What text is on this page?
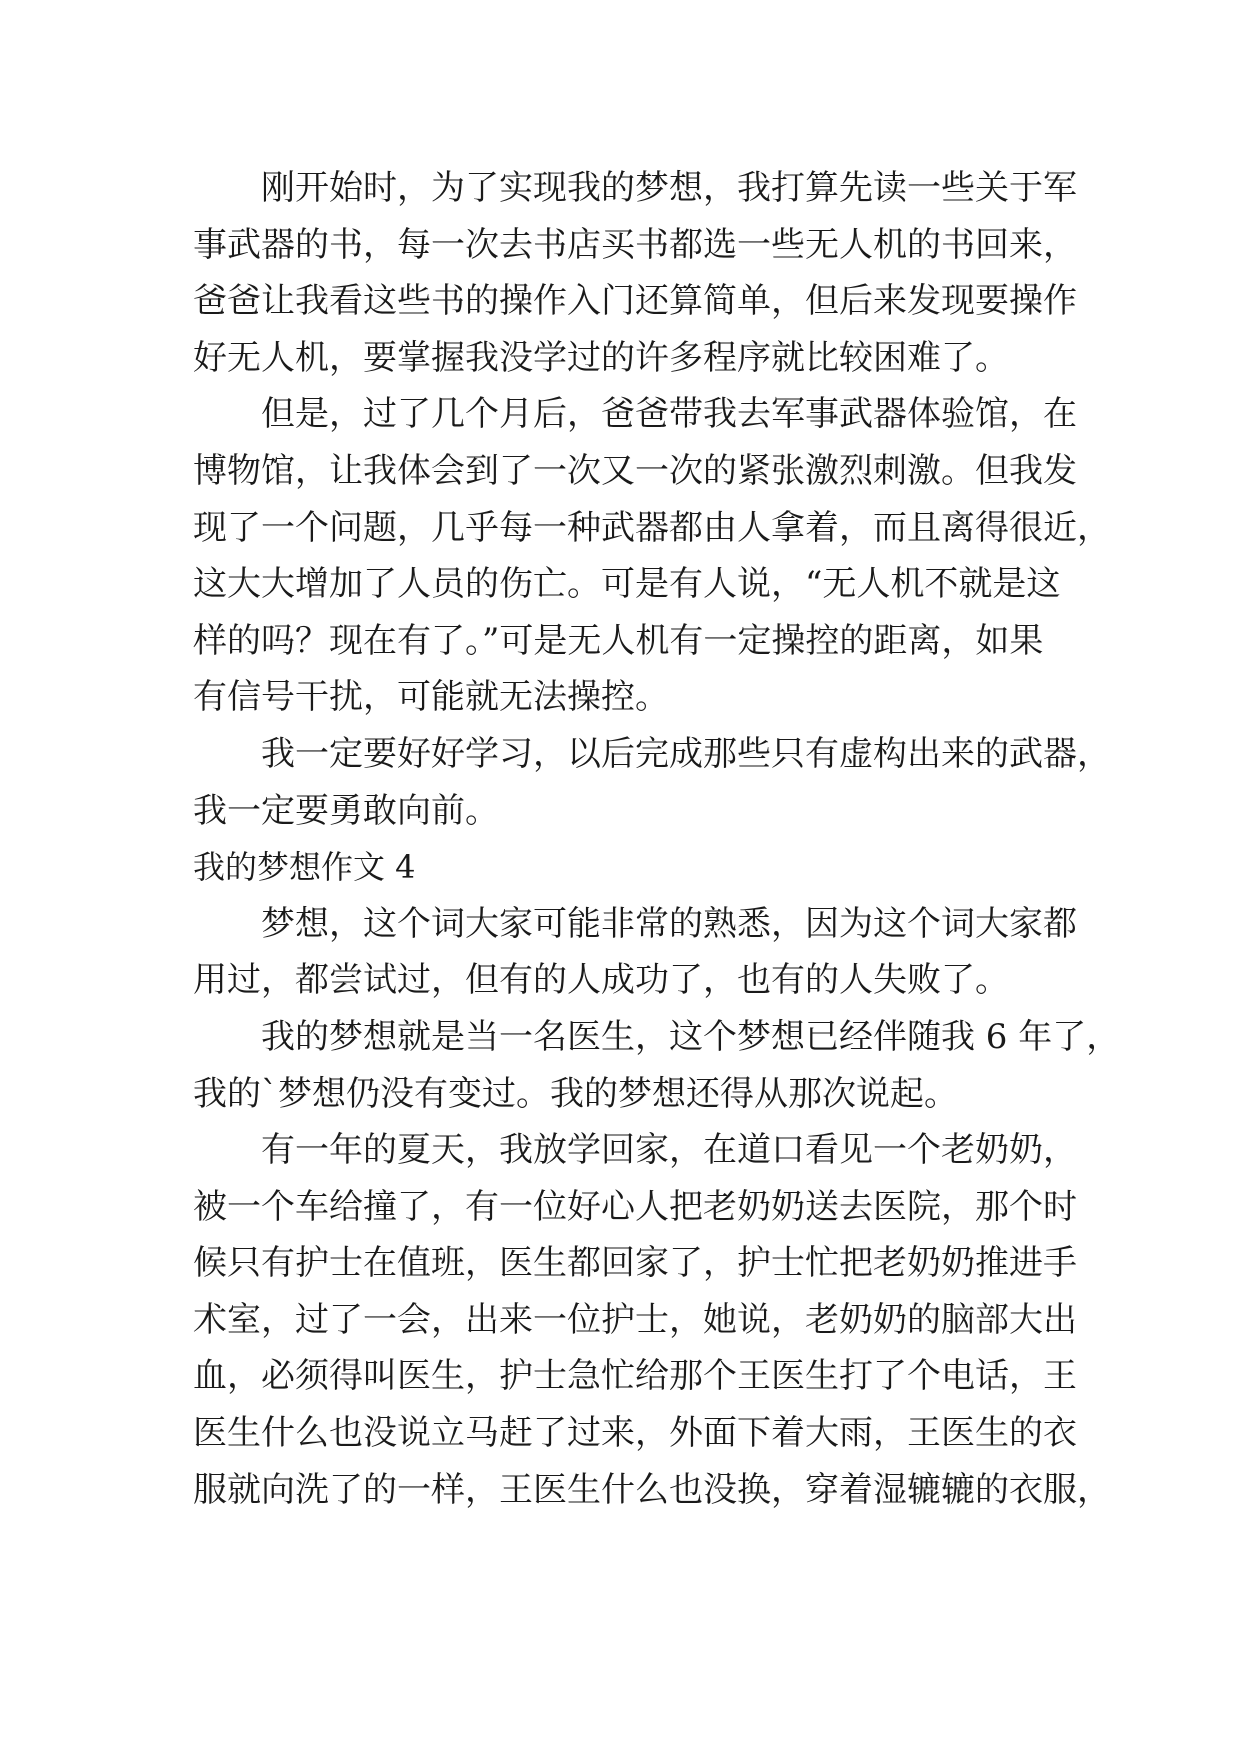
刚开始时，为了实现我的梦想，我打算先读一些关于军
事武器的书，每一次去书店买书都选一些无人机的书回来，
爸爸让我看这些书的操作入门还算简单，但后来发现要操作
好无人机，要掌握我没学过的许多程序就比较困难了。

但是，过了几个月后，爸爸带我去军事武器体验馆，在
博物馆，让我体会到了一次又一次的紧张激烈刺激。但我发
现了一个问题，几乎每一种武器都由人拿着，而且离得很近，
这大大增加了人员的伤亡。可是有人说，“无人机不就是这
样的吗？现在有了。”可是无人机有一定操控的距离，如果
有信号干扰，可能就无法操控。

我一定要好好学习，以后完成那些只有虚构出来的武器，
我一定要勇敢向前。

我的梦想作文 4

梦想，这个词大家可能非常的熟悉，因为这个词大家都
用过，都尝试过，但有的人成功了，也有的人失败了。

我的梦想就是当一名医生，这个梦想已经伴随我 6 年了，
我的`梦想仍没有变过。我的梦想还得从那次说起。

有一年的夏天，我放学回家，在道口看见一个老奶奶，
被一个车给撞了，有一位好心人把老奶奶送去医院，那个时
候只有护士在值班，医生都回家了，护士忙把老奶奶推进手
术室，过了一会，出来一位护士，她说，老奶奶的脑部大出
血，必须得叫医生，护士急忙给那个王医生打了个电话，王
医生什么也没说立马赶了过来，外面下着大雨，王医生的衣
服就向洗了的一样，王医生什么也没换，穿着湿辘辘的衣服，
